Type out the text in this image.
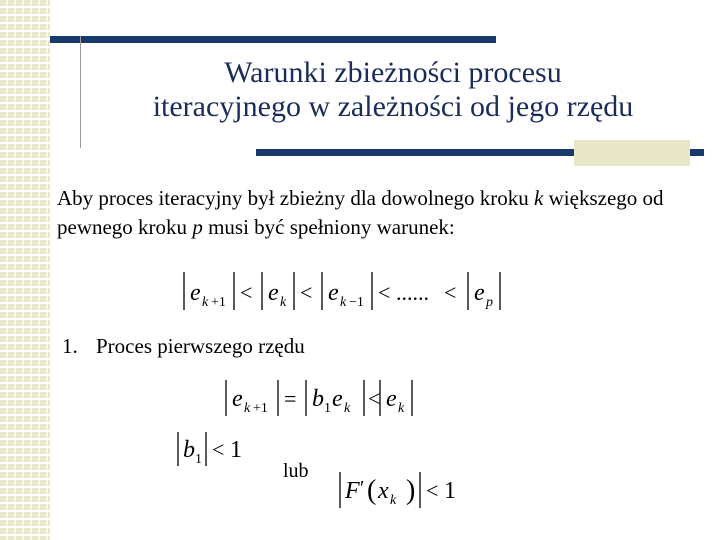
Warunki zbieżności procesu
iteracyjnego w zależności od jego rzędu
Aby proces iteracyjny był zbieżny dla dowolnego kroku k większego od pewnego kroku p musi być spełniony warunek:
e k +1 < e k < e k −1 < ...... < e p
1. Proces pierwszego rzędu
e k +1 = b 1 e k < e k
b 1 < 1
lub
F ′ ( x k ) < 1
